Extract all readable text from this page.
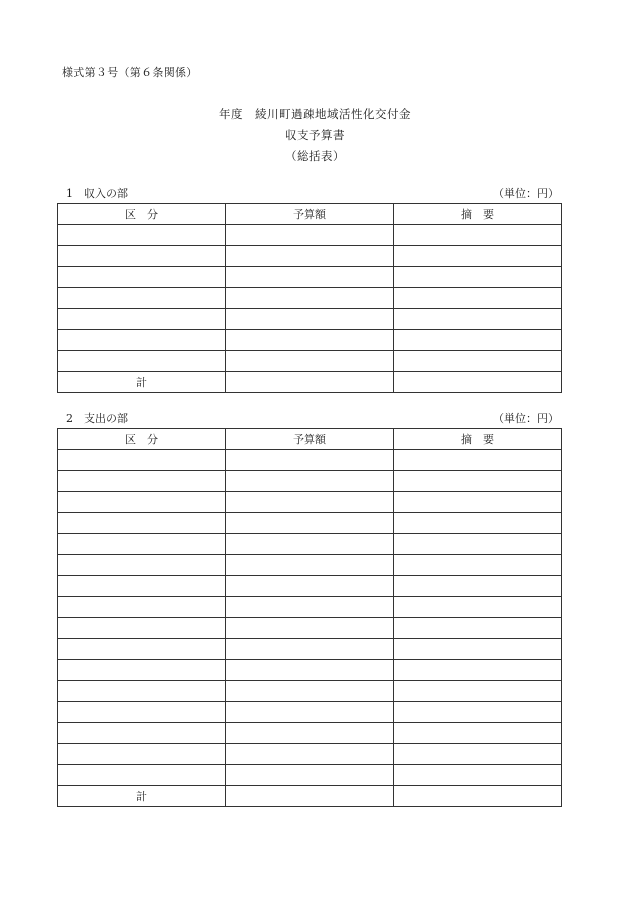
様式第３号（第６条関係）
年度　綾川町過疎地域活性化交付金
収支予算書
（総括表）
1　収入の部	（単位：円）
区　分	予算額	摘　要

計		
2　支出の部	（単位：円）
区　分	予算額	摘　要

計		
